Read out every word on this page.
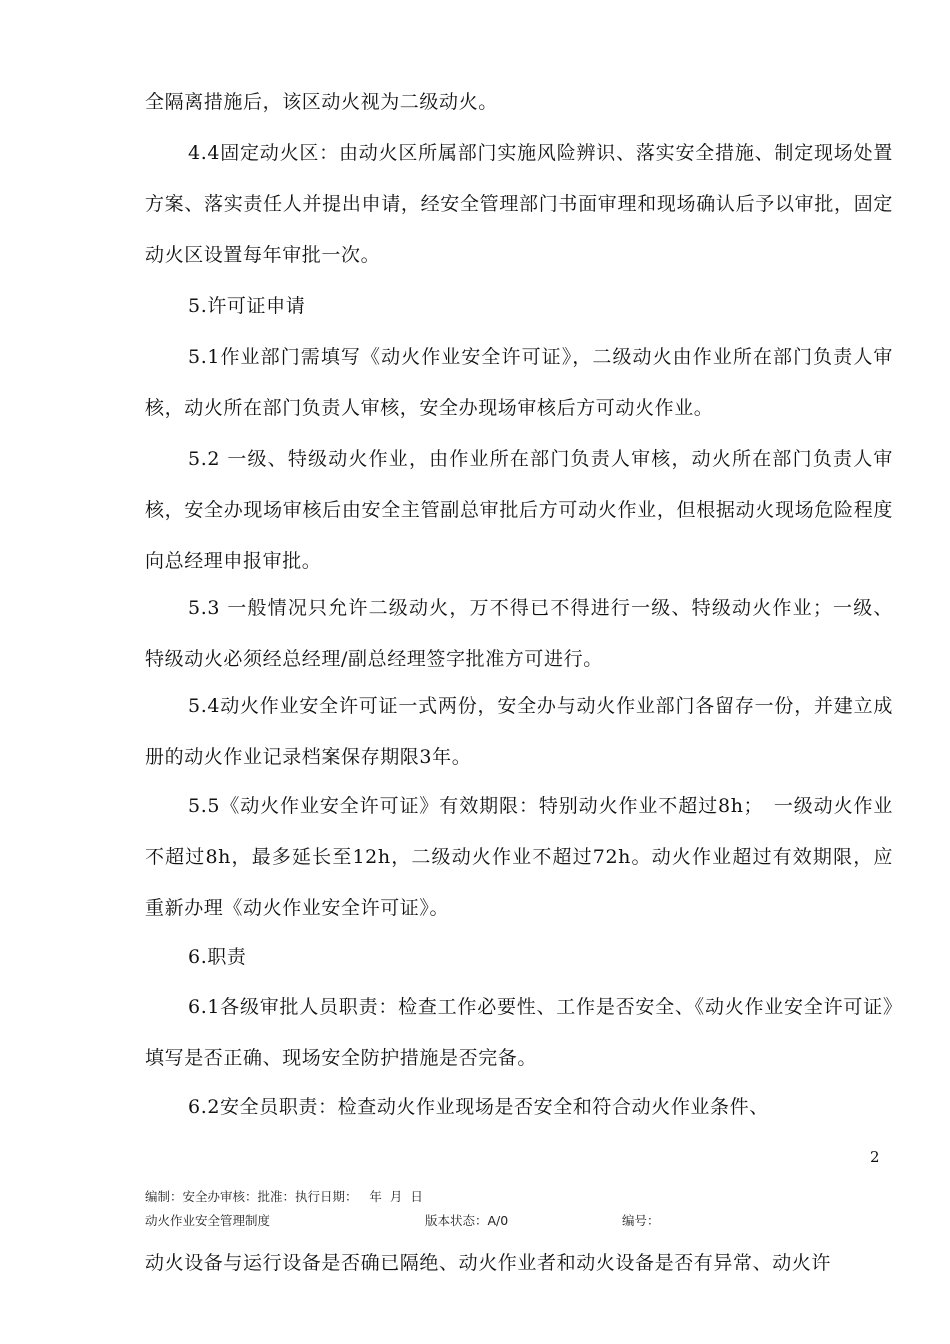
全隔离措施后，该区动火视为二级动火。

4.4固定动火区：由动火区所属部门实施风险辨识、落实安全措施、制定现场处置方案、落实责任人并提出申请，经安全管理部门书面审理和现场确认后予以审批，固定动火区设置每年审批一次。

5.许可证申请

5.1作业部门需填写《动火作业安全许可证》，二级动火由作业所在部门负责人审核，动火所在部门负责人审核，安全办现场审核后方可动火作业。

5.2 一级、特级动火作业，由作业所在部门负责人审核，动火所在部门负责人审核，安全办现场审核后由安全主管副总审批后方可动火作业，但根据动火现场危险程度向总经理申报审批。

5.3 一般情况只允许二级动火，万不得已不得进行一级、特级动火作业；一级、特级动火必须经总经理/副总经理签字批准方可进行。

5.4动火作业安全许可证一式两份，安全办与动火作业部门各留存一份，并建立成册的动火作业记录档案保存期限3年。

5.5《动火作业安全许可证》有效期限：特别动火作业不超过8h；　一级动火作业不超过8h，最多延长至12h，二级动火作业不超过72h。动火作业超过有效期限，应重新办理《动火作业安全许可证》。

6.职责

6.1各级审批人员职责：检查工作必要性、工作是否安全、《动火作业安全许可证》填写是否正确、现场安全防护措施是否完备。

6.2安全员职责：检查动火作业现场是否安全和符合动火作业条件、

2
编制：安全办审核：批准：执行日期：   年  月  日
动火作业安全管理制度	版本状态：A/0	编号：

动火设备与运行设备是否确已隔绝、动火作业者和动火设备是否有异常、动火许
